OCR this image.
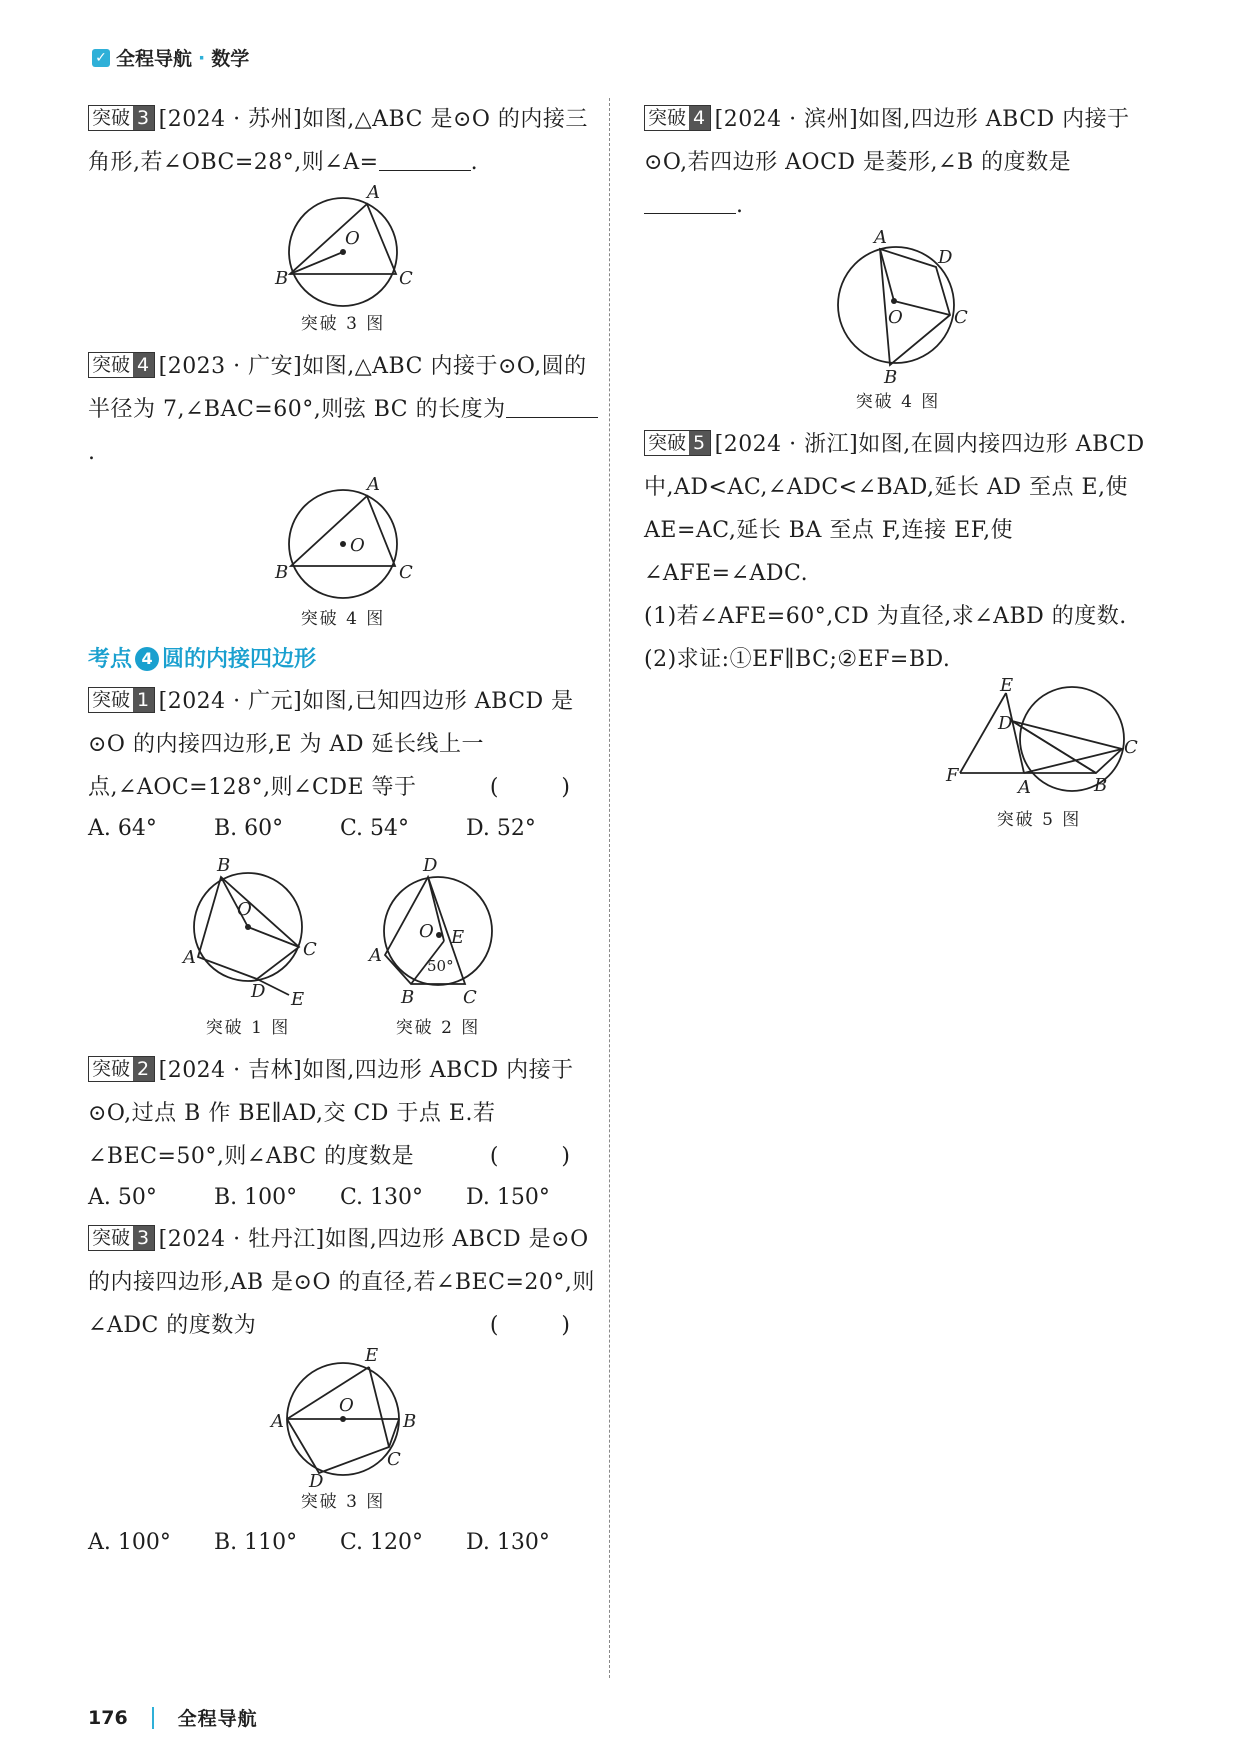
✓ 全程导航 · 数学
突破 3 [2024 · 苏州]如图,△ABC 是⊙O 的内接三角形,若∠OBC=28°,则∠A=	.
A
O
B	C
突破 3 图
突破 4 [2023 · 广安]如图,△ABC 内接于⊙O,圆的半径为 7,∠BAC=60°,则弦 BC 的长度为.
A
O
B	C
突破 4 图
考点 4 圆的内接四边形
突破 1 [2024 · 广元]如图,已知四边形 ABCD 是⊙O 的内接四边形,E 为 AD 延长线上一点,∠AOC=128°,则∠CDE 等于	( )
A. 64°	B. 60°	C. 54°	D. 52°
B
O
C
A
D E
突破 1 图
D
O E
50°
A
B	C
突破 2 图
突破 2 [2024 · 吉林]如图,四边形 ABCD 内接于⊙O,过点 B 作 BE∥AD,交 CD 于点 E.若∠BEC=50°,则∠ABC 的度数是	( )
A. 50°	B. 100°	C. 130°	D. 150°
突破 3 [2024 · 牡丹江]如图,四边形 ABCD 是⊙O 的内接四边形,AB 是⊙O 的直径,若∠BEC=20°,则∠ADC 的度数为	( )
E
O
A	B
C
D
突破 3 图
A. 100°	B. 110°	C. 120°	D. 130°
突破 4 [2024 · 滨州]如图,四边形 ABCD 内接于⊙O,若四边形 AOCD 是菱形,∠B 的度数是
.
A
D
O	C
B
突破 4 图
突破 5 [2024 · 浙江]如图,在圆内接四边形 ABCD 中,AD<AC,∠ADC<∠BAD,延长 AD 至点 E,使 AE=AC,延长 BA 至点 F,连接 EF,使∠AFE=∠ADC.
(1)若∠AFE=60°,CD 为直径,求∠ABD 的度数.
(2)求证:①EF∥BC;②EF=BD.
E
D
C
F
A	B
突破 5 图
176	全程导航
